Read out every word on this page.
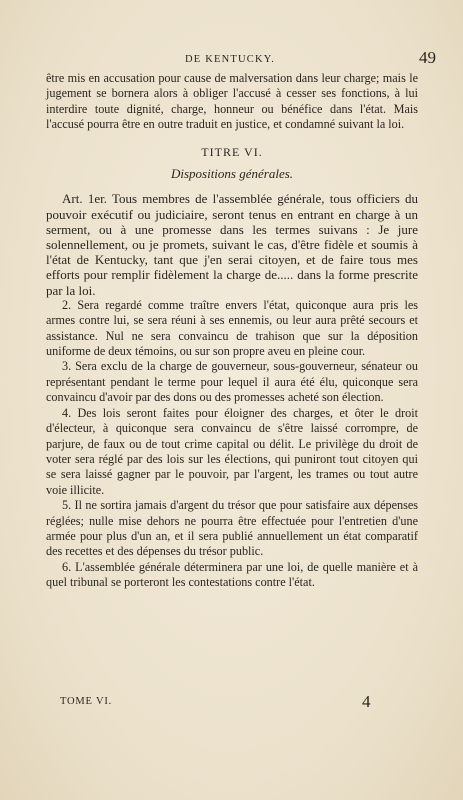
DE KENTUCKY.	49

être mis en accusation pour cause de malversation dans leur charge; mais le jugement se bornera alors à obliger l'accusé à cesser ses fonctions, à lui interdire toute dignité, charge, honneur ou bénéfice dans l'état. Mais l'accusé pourra être en outre traduit en justice, et condamné suivant la loi.

TITRE VI.

Dispositions générales.

Art. 1er. Tous membres de l'assemblée générale, tous officiers du pouvoir exécutif ou judiciaire, seront tenus en entrant en charge à un serment, ou à une promesse dans les termes suivans : Je jure solennellement, ou je promets, suivant le cas, d'être fidèle et soumis à l'état de Kentucky, tant que j'en serai citoyen, et de faire tous mes efforts pour remplir fidèlement la charge de..... dans la forme prescrite par la loi.

2. Sera regardé comme traître envers l'état, quiconque aura pris les armes contre lui, se sera réuni à ses ennemis, ou leur aura prêté secours et assistance. Nul ne sera convaincu de trahison que sur la déposition uniforme de deux témoins, ou sur son propre aveu en pleine cour.

3. Sera exclu de la charge de gouverneur, sous-gouverneur, sénateur ou représentant pendant le terme pour lequel il aura été élu, quiconque sera convaincu d'avoir par des dons ou des promesses acheté son élection.

4. Des lois seront faites pour éloigner des charges, et ôter le droit d'électeur, à quiconque sera convaincu de s'être laissé corrompre, de parjure, de faux ou de tout crime capital ou délit. Le privilège du droit de voter sera réglé par des lois sur les élections, qui puniront tout citoyen qui se sera laissé gagner par le pouvoir, par l'argent, les trames ou tout autre voie illicite.

5. Il ne sortira jamais d'argent du trésor que pour satisfaire aux dépenses réglées; nulle mise dehors ne pourra être effectuée pour l'entretien d'une armée pour plus d'un an, et il sera publié annuellement un état comparatif des recettes et des dépenses du trésor public.

6. L'assemblée générale déterminera par une loi, de quelle manière et à quel tribunal se porteront les contestations contre l'état.

TOME VI.	4
